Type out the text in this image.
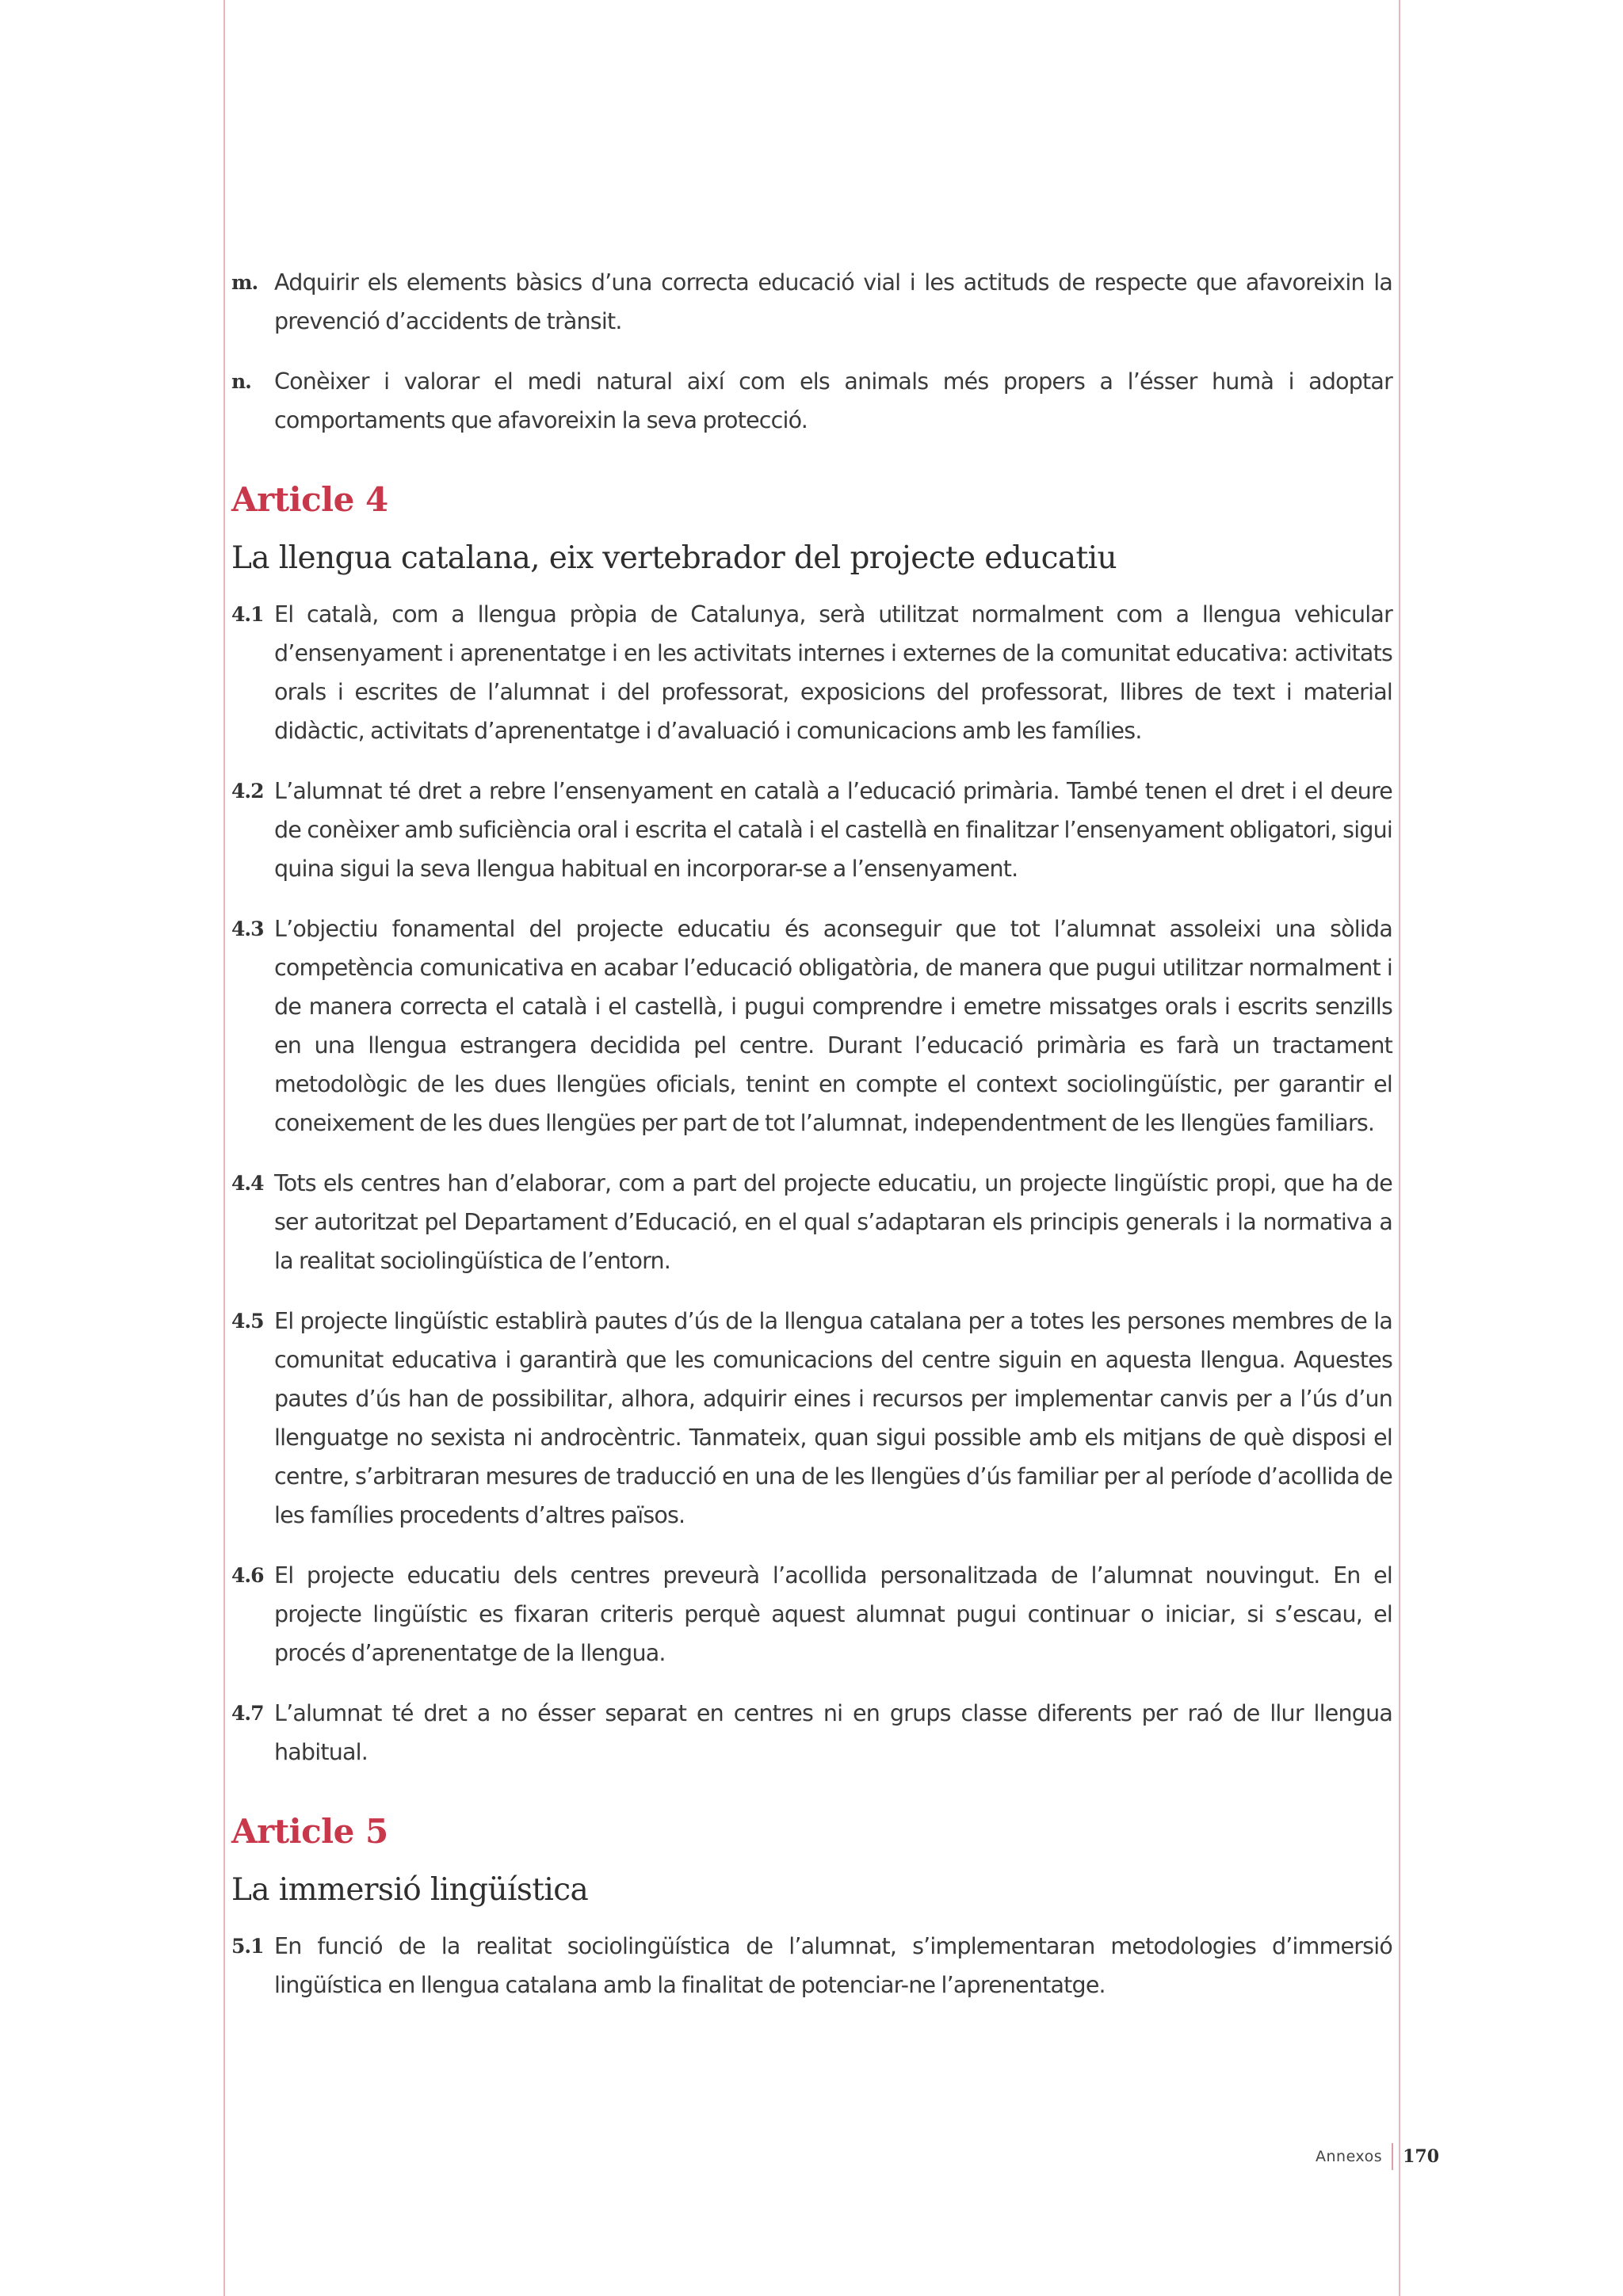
m. Adquirir els elements bàsics d’una correcta educació vial i les actituds de respecte que afavoreixin la prevenció d’accidents de trànsit.
n. Conèixer i valorar el medi natural així com els animals més propers a l’ésser humà i adoptar comportaments que afavoreixin la seva protecció.
Article 4
La llengua catalana, eix vertebrador del projecte educatiu
4.1 El català, com a llengua pròpia de Catalunya, serà utilitzat normalment com a llengua vehicular d’ensenyament i aprenentatge i en les activitats internes i externes de la comunitat educativa: activitats orals i escrites de l’alumnat i del professorat, exposicions del professorat, llibres de text i material didàctic, activitats d’aprenentatge i d’avaluació i comunicacions amb les famílies.
4.2 L’alumnat té dret a rebre l’ensenyament en català a l’educació primària. També tenen el dret i el deure de conèixer amb suficiència oral i escrita el català i el castellà en finalitzar l’ensenyament obligatori, sigui quina sigui la seva llengua habitual en incorporar-se a l’ensenyament.
4.3 L’objectiu fonamental del projecte educatiu és aconseguir que tot l’alumnat assoleixi una sòlida competència comunicativa en acabar l’educació obligatòria, de manera que pugui utilitzar normalment i de manera correcta el català i el castellà, i pugui comprendre i emetre missatges orals i escrits senzills en una llengua estrangera decidida pel centre. Durant l’educació primària es farà un tractament metodològic de les dues llengües oficials, tenint en compte el context sociolingüístic, per garantir el coneixement de les dues llengües per part de tot l’alumnat, independentment de les llengües familiars.
4.4 Tots els centres han d’elaborar, com a part del projecte educatiu, un projecte lingüístic propi, que ha de ser autoritzat pel Departament d’Educació, en el qual s’adaptaran els principis generals i la normativa a la realitat sociolingüística de l’entorn.
4.5 El projecte lingüístic establirà pautes d’ús de la llengua catalana per a totes les persones membres de la comunitat educativa i garantirà que les comunicacions del centre siguin en aquesta llengua. Aquestes pautes d’ús han de possibilitar, alhora, adquirir eines i recursos per implementar canvis per a l’ús d’un llenguatge no sexista ni androcèntric. Tanmateix, quan sigui possible amb els mitjans de què disposi el centre, s’arbitraran mesures de traducció en una de les llengües d’ús familiar per al període d’acollida de les famílies procedents d’altres països.
4.6 El projecte educatiu dels centres preveurà l’acollida personalitzada de l’alumnat nouvingut. En el projecte lingüístic es fixaran criteris perquè aquest alumnat pugui continuar o iniciar, si s’escau, el procés d’aprenentatge de la llengua.
4.7 L’alumnat té dret a no ésser separat en centres ni en grups classe diferents per raó de llur llengua habitual.
Article 5
La immersió lingüística
5.1 En funció de la realitat sociolingüística de l’alumnat, s’implementaran metodologies d’immersió lingüística en llengua catalana amb la finalitat de potenciar-ne l’aprenentatge.
Annexos	170
